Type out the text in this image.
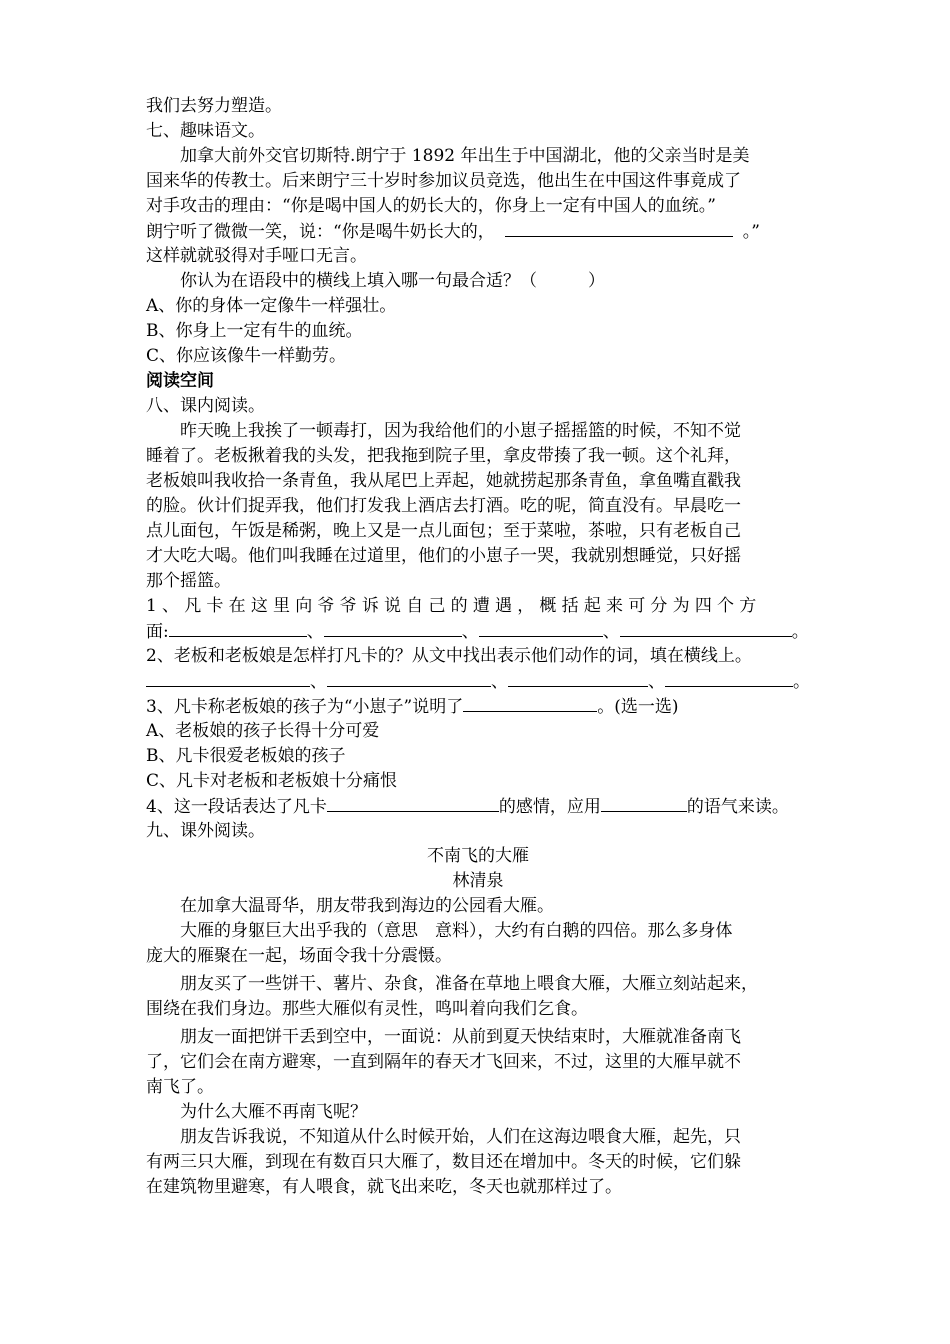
我们去努力塑造。
七、趣味语文。
加拿大前外交官切斯特.朗宁于 1892 年出生于中国湖北，他的父亲当时是美
国来华的传教士。后来朗宁三十岁时参加议员竞选，他出生在中国这件事竟成了
对手攻击的理由：“你是喝中国人的奶长大的，你身上一定有中国人的血统。”
朗宁听了微微一笑，说：“你是喝牛奶长大的，	。”
这样就就驳得对手哑口无言。
你认为在语段中的横线上填入哪一句最合适？（　　　）
A、你的身体一定像牛一样强壮。
B、你身上一定有牛的血统。
C、你应该像牛一样勤劳。
阅读空间
八、课内阅读。
昨天晚上我挨了一顿毒打，因为我给他们的小崽子摇摇篮的时候，不知不觉
睡着了。老板揪着我的头发，把我拖到院子里，拿皮带揍了我一顿。这个礼拜，
老板娘叫我收拾一条青鱼，我从尾巴上弄起，她就捞起那条青鱼，拿鱼嘴直戳我
的脸。伙计们捉弄我，他们打发我上酒店去打酒。吃的呢，简直没有。早晨吃一
点儿面包，午饭是稀粥，晚上又是一点儿面包；至于菜啦，茶啦，只有老板自己
才大吃大喝。他们叫我睡在过道里，他们的小崽子一哭，我就别想睡觉，只好摇
那个摇篮。
1、凡卡在这里向爷爷诉说自己的遭遇，概括起来可分为四个方
面:	、	、	、	。
2、老板和老板娘是怎样打凡卡的？从文中找出表示他们动作的词，填在横线上。
、	、	、	。
3、凡卡称老板娘的孩子为“小崽子”说明了	。(选一选)
A、老板娘的孩子长得十分可爱
B、凡卡很爱老板娘的孩子
C、凡卡对老板和老板娘十分痛恨
4、这一段话表达了凡卡	的感情，应用	的语气来读。
九、课外阅读。
不南飞的大雁
林清泉
在加拿大温哥华，朋友带我到海边的公园看大雁。
大雁的身躯巨大出乎我的（意思　意料），大约有白鹅的四倍。那么多身体
庞大的雁聚在一起，场面令我十分震慑。
朋友买了一些饼干、薯片、杂食，准备在草地上喂食大雁，大雁立刻站起来，
围绕在我们身边。那些大雁似有灵性，鸣叫着向我们乞食。
朋友一面把饼干丢到空中，一面说：从前到夏天快结束时，大雁就准备南飞
了，它们会在南方避寒，一直到隔年的春天才飞回来，不过，这里的大雁早就不
南飞了。
为什么大雁不再南飞呢？
朋友告诉我说，不知道从什么时候开始，人们在这海边喂食大雁，起先，只
有两三只大雁，到现在有数百只大雁了，数目还在增加中。冬天的时候，它们躲
在建筑物里避寒，有人喂食，就飞出来吃，冬天也就那样过了。
